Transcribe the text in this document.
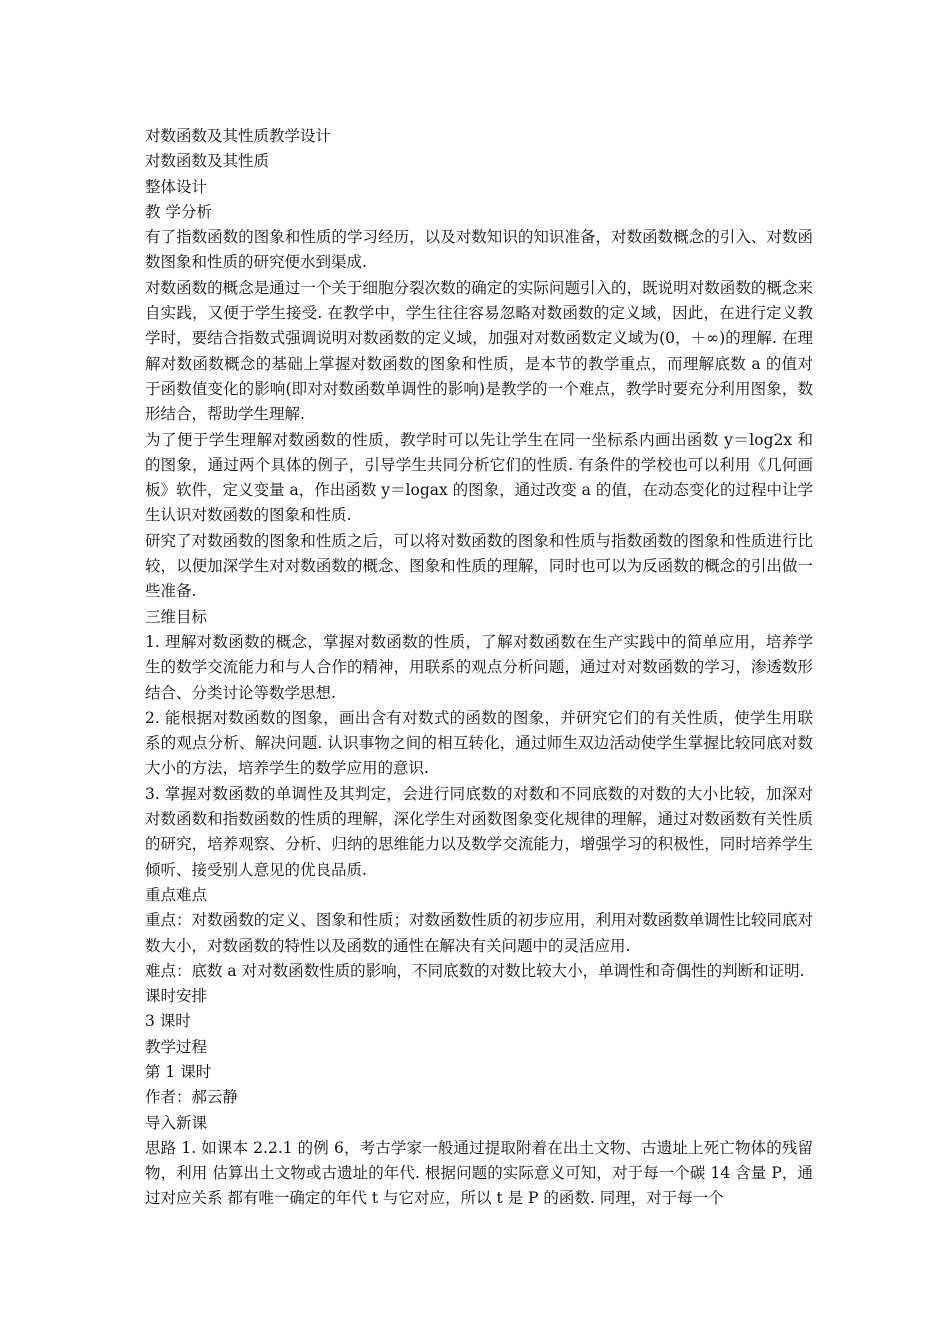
对数函数及其性质教学设计

对数函数及其性质

整体设计

教 学分析

有了指数函数的图象和性质的学习经历，以及对数知识的知识准备，对数函数概念的引入、对数函数图象和性质的研究便水到渠成.

对数函数的概念是通过一个关于细胞分裂次数的确定的实际问题引入的，既说明对数函数的概念来自实践，又便于学生接受. 在教学中，学生往往容易忽略对数函数的定义域，因此，在进行定义教学时，要结合指数式强调说明对数函数的定义域，加强对对数函数定义域为(0，＋∞)的理解. 在理解对数函数概念的基础上掌握对数函数的图象和性质，是本节的教学重点，而理解底数 a 的值对于函数值变化的影响(即对对数函数单调性的影响)是教学的一个难点，教学时要充分利用图象，数形结合，帮助学生理解.

为了便于学生理解对数函数的性质，教学时可以先让学生在同一坐标系内画出函数 y＝log2x 和 的图象，通过两个具体的例子，引导学生共同分析它们的性质. 有条件的学校也可以利用《几何画板》软件，定义变量 a，作出函数 y＝logax 的图象，通过改变 a 的值，在动态变化的过程中让学生认识对数函数的图象和性质.

研究了对数函数的图象和性质之后，可以将对数函数的图象和性质与指数函数的图象和性质进行比较，以便加深学生对对数函数的概念、图象和性质的理解，同时也可以为反函数的概念的引出做一些准备.

三维目标

1. 理解对数函数的概念，掌握对数函数的性质，了解对数函数在生产实践中的简单应用，培养学生的数学交流能力和与人合作的精神，用联系的观点分析问题，通过对对数函数的学习，渗透数形结合、分类讨论等数学思想.

2. 能根据对数函数的图象，画出含有对数式的函数的图象，并研究它们的有关性质，使学生用联系的观点分析、解决问题. 认识事物之间的相互转化，通过师生双边活动使学生掌握比较同底对数大小的方法，培养学生的数学应用的意识.

3. 掌握对数函数的单调性及其判定，会进行同底数的对数和不同底数的对数的大小比较，加深对对数函数和指数函数的性质的理解，深化学生对函数图象变化规律的理解，通过对数函数有关性质的研究，培养观察、分析、归纳的思维能力以及数学交流能力，增强学习的积极性，同时培养学生倾听、接受别人意见的优良品质.

重点难点

重点：对数函数的定义、图象和性质；对数函数性质的初步应用，利用对数函数单调性比较同底对数大小，对数函数的特性以及函数的通性在解决有关问题中的灵活应用.

难点：底数 a 对对数函数性质的影响，不同底数的对数比较大小，单调性和奇偶性的判断和证明.

课时安排

3 课时

教学过程

第 1 课时

作者：郝云静

导入新课

思路 1. 如课本 2.2.1 的例 6，考古学家一般通过提取附着在出土文物、古遗址上死亡物体的残留物，利用 估算出土文物或古遗址的年代. 根据问题的实际意义可知，对于每一个碳 14 含量 P，通过对应关系 都有唯一确定的年代 t 与它对应，所以 t 是 P 的函数. 同理，对于每一个
